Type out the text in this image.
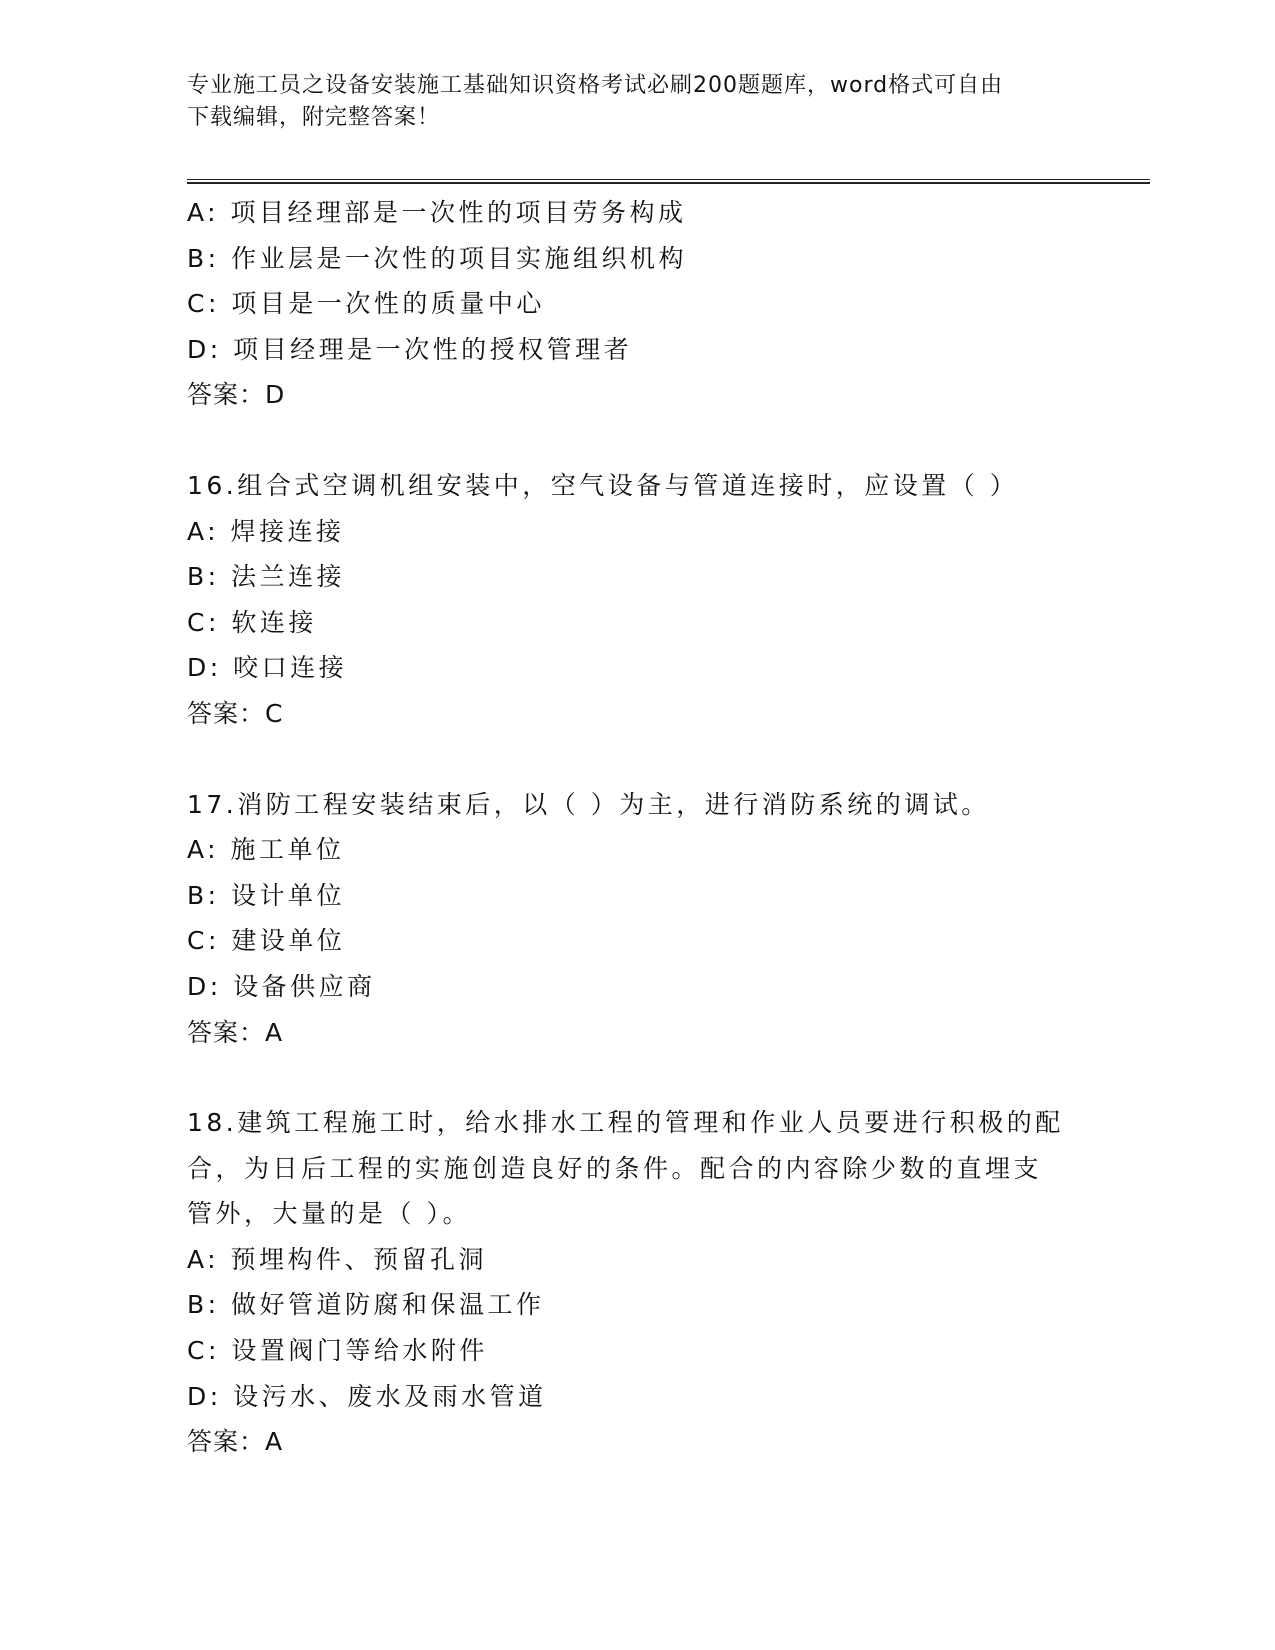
专业施工员之设备安装施工基础知识资格考试必刷200题题库，word格式可自由
下载编辑，附完整答案！
A: 项目经理部是一次性的项目劳务构成
B: 作业层是一次性的项目实施组织机构
C: 项目是一次性的质量中心
D: 项目经理是一次性的授权管理者
答案：D
16.组合式空调机组安装中，空气设备与管道连接时，应设置（ ）
A: 焊接连接
B: 法兰连接
C: 软连接
D: 咬口连接
答案：C
17.消防工程安装结束后，以（ ）为主，进行消防系统的调试。
A: 施工单位
B: 设计单位
C: 建设单位
D: 设备供应商
答案：A
18.建筑工程施工时，给水排水工程的管理和作业人员要进行积极的配
合，为日后工程的实施创造良好的条件。配合的内容除少数的直埋支
管外，大量的是（ ）。
A: 预埋构件、预留孔洞
B: 做好管道防腐和保温工作
C: 设置阀门等给水附件
D: 设污水、废水及雨水管道
答案：A
